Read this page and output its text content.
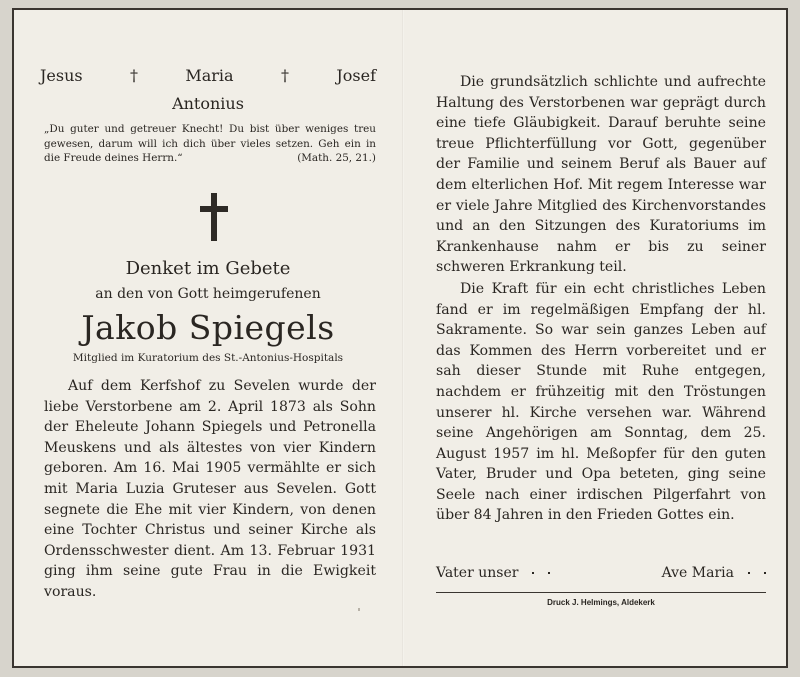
Jesus	†	Maria	†	Josef
Antonius
„Du guter und getreuer Knecht! Du bist über weniges treu gewesen, darum will ich dich über vieles setzen. Geh ein in die Freude deines Herrn.“	(Math. 25, 21.)
Denket im Gebete
an den von Gott heimgerufenen
Jakob Spiegels
Mitglied im Kuratorium des St.-Antonius-Hospitals

Auf dem Kerfshof zu Sevelen wurde der liebe Verstorbene am 2. April 1873 als Sohn der Eheleute Johann Spiegels und Petronella Meuskens und als ältestes von vier Kindern geboren. Am 16. Mai 1905 vermählte er sich mit Maria Luzia Gruteser aus Sevelen. Gott segnete die Ehe mit vier Kindern, von denen eine Tochter Christus und seiner Kirche als Ordensschwester dient. Am 13. Februar 1931 ging ihm seine gute Frau in die Ewigkeit voraus.

Die grundsätzlich schlichte und aufrechte Haltung des Verstorbenen war geprägt durch eine tiefe Gläubigkeit. Darauf beruhte seine treue Pflichterfüllung vor Gott, gegenüber der Familie und seinem Beruf als Bauer auf dem elterlichen Hof. Mit regem Interesse war er viele Jahre Mitglied des Kirchenvorstandes und an den Sitzungen des Kuratoriums im Krankenhause nahm er bis zu seiner schweren Erkrankung teil.

Die Kraft für ein echt christliches Leben fand er im regelmäßigen Empfang der hl. Sakramente. So war sein ganzes Leben auf das Kommen des Herrn vorbereitet und er sah dieser Stunde mit Ruhe entgegen, nachdem er frühzeitig mit den Tröstungen unserer hl. Kirche versehen war. Während seine Angehörigen am Sonntag, dem 25. August 1957 im hl. Meßopfer für den guten Vater, Bruder und Opa beteten, ging seine Seele nach einer irdischen Pilgerfahrt von über 84 Jahren in den Frieden Gottes ein.

Vater unser	Ave Maria
Druck J. Helmings, Aldekerk
